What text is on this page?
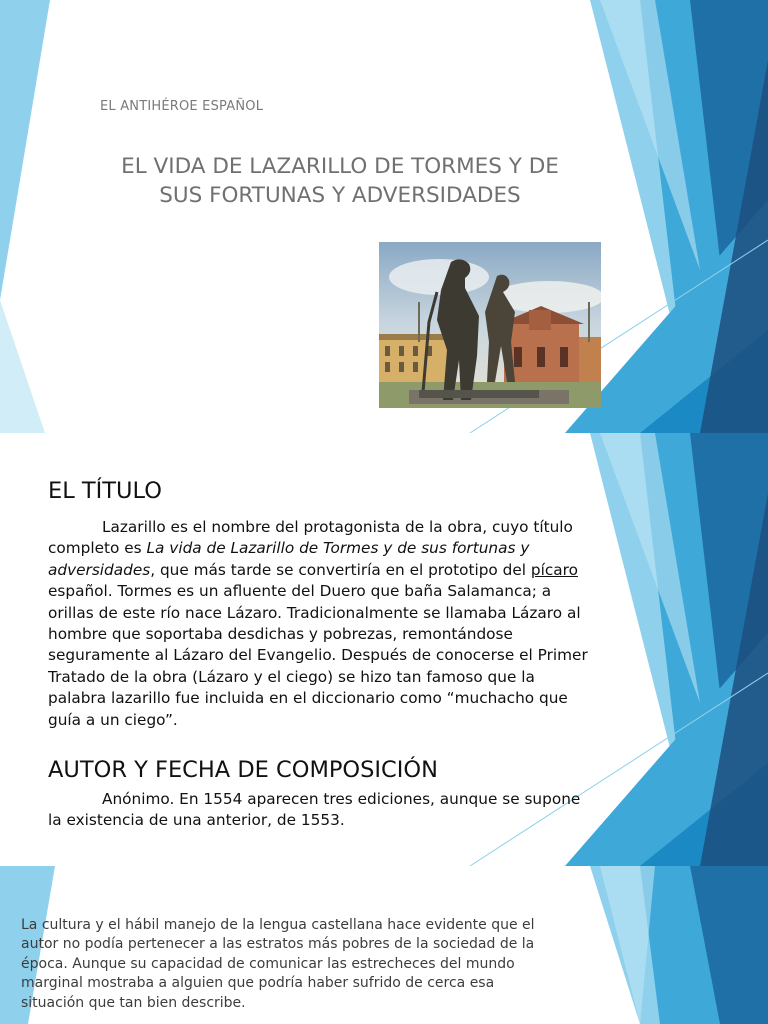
EL ANTIHÉROE ESPAÑOL
EL VIDA DE LAZARILLO DE TORMES Y DE SUS FORTUNAS Y ADVERSIDADES
EL TÍTULO
Lazarillo es el nombre del protagonista de la obra, cuyo título completo es La vida de Lazarillo de Tormes y de sus fortunas y adversidades, que más tarde se convertiría en el prototipo del pícaro español. Tormes es un afluente del Duero que baña Salamanca; a orillas de este río nace Lázaro. Tradicionalmente se llamaba Lázaro al hombre que soportaba desdichas y pobrezas, remontándose seguramente al Lázaro del Evangelio. Después de conocerse el Primer Tratado de la obra (Lázaro y el ciego) se hizo tan famoso que la palabra lazarillo fue incluida en el diccionario como “muchacho que guía a un ciego”.
AUTOR Y FECHA DE COMPOSICIÓN
Anónimo. En 1554 aparecen tres ediciones, aunque se supone la existencia de una anterior, de 1553.
La cultura y el hábil manejo de la lengua castellana hace evidente que el autor no podía pertenecer a las estratos más pobres de la sociedad de la época. Aunque su capacidad de comunicar las estrecheces del mundo marginal mostraba a alguien que podría haber sufrido de cerca esa situación que tan bien describe.
